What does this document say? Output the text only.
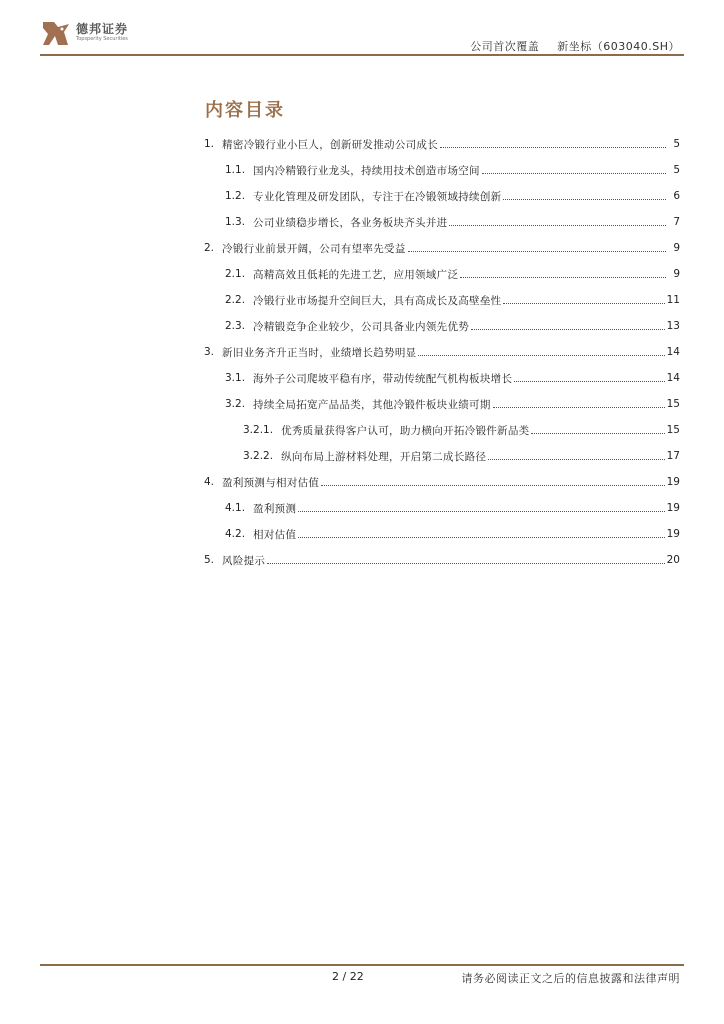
德邦证券
Topsperity Securities
公司首次覆盖 新坐标（603040.SH）
内容目录
1. 精密冷锻行业小巨人，创新研发推动公司成长	5
1.1. 国内冷精锻行业龙头，持续用技术创造市场空间	5
1.2. 专业化管理及研发团队，专注于在冷锻领域持续创新	6
1.3. 公司业绩稳步增长，各业务板块齐头并进	7
2. 冷锻行业前景开阔，公司有望率先受益	9
2.1. 高精高效且低耗的先进工艺，应用领域广泛	9
2.2. 冷锻行业市场提升空间巨大，具有高成长及高壁垒性	11
2.3. 冷精锻竞争企业较少，公司具备业内领先优势	13
3. 新旧业务齐升正当时，业绩增长趋势明显	14
3.1. 海外子公司爬坡平稳有序，带动传统配气机构板块增长	14
3.2. 持续全局拓宽产品品类，其他冷锻件板块业绩可期	15
3.2.1. 优秀质量获得客户认可，助力横向开拓冷锻件新品类	15
3.2.2. 纵向布局上游材料处理，开启第二成长路径	17
4. 盈利预测与相对估值	19
4.1. 盈利预测	19
4.2. 相对估值	19
5. 风险提示	20
2 / 22	请务必阅读正文之后的信息披露和法律声明
